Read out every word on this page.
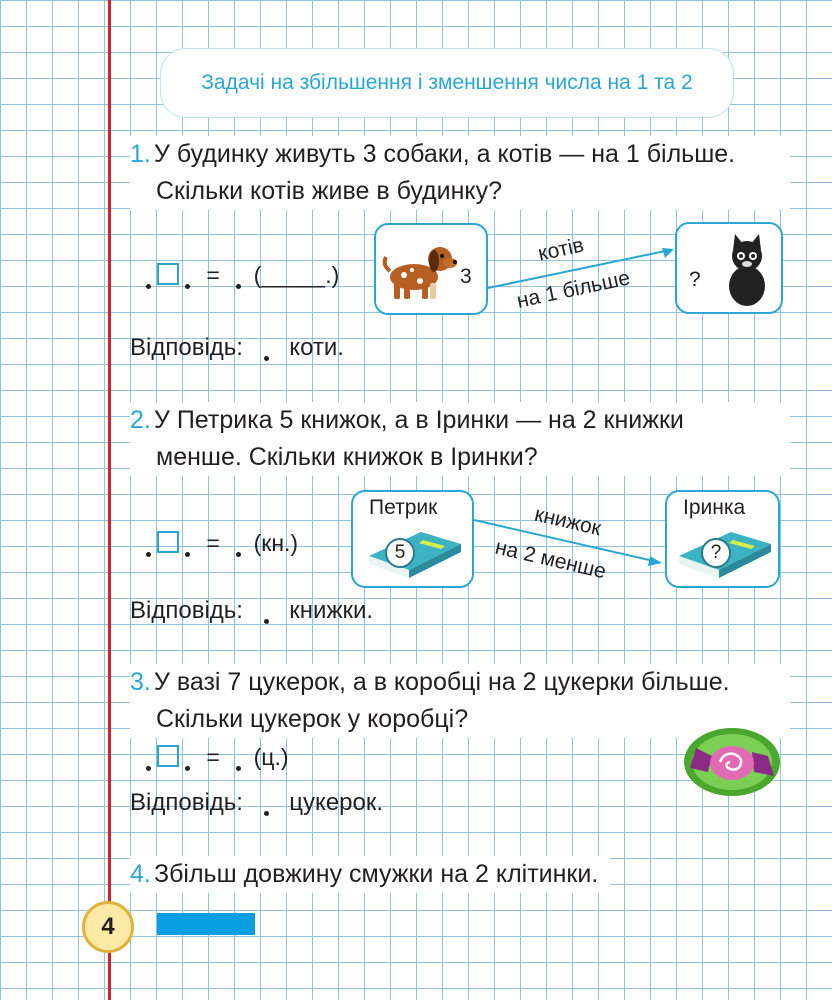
Задачі на збільшення і зменшення числа на 1 та 2
1. У будинку живуть 3 собаки, а котів — на 1 більше.
Скільки котів живе в будинку?
= (_____.)	3
котів
на 1 більше	?
Відповідь: коти.
2. У Петрика 5 книжок, а в Іринки — на 2 книжки
менше. Скільки книжок в Іринки?
= (кн.)
Петрик
5
книжок
на 2 менше
Іринка
?
Відповідь: книжки.
3. У вазі 7 цукерок, а в коробці на 2 цукерки більше.
Скільки цукерок у коробці?
= (ц.)
Відповідь: цукерок.
4. Збільш довжину смужки на 2 клітинки.
4
